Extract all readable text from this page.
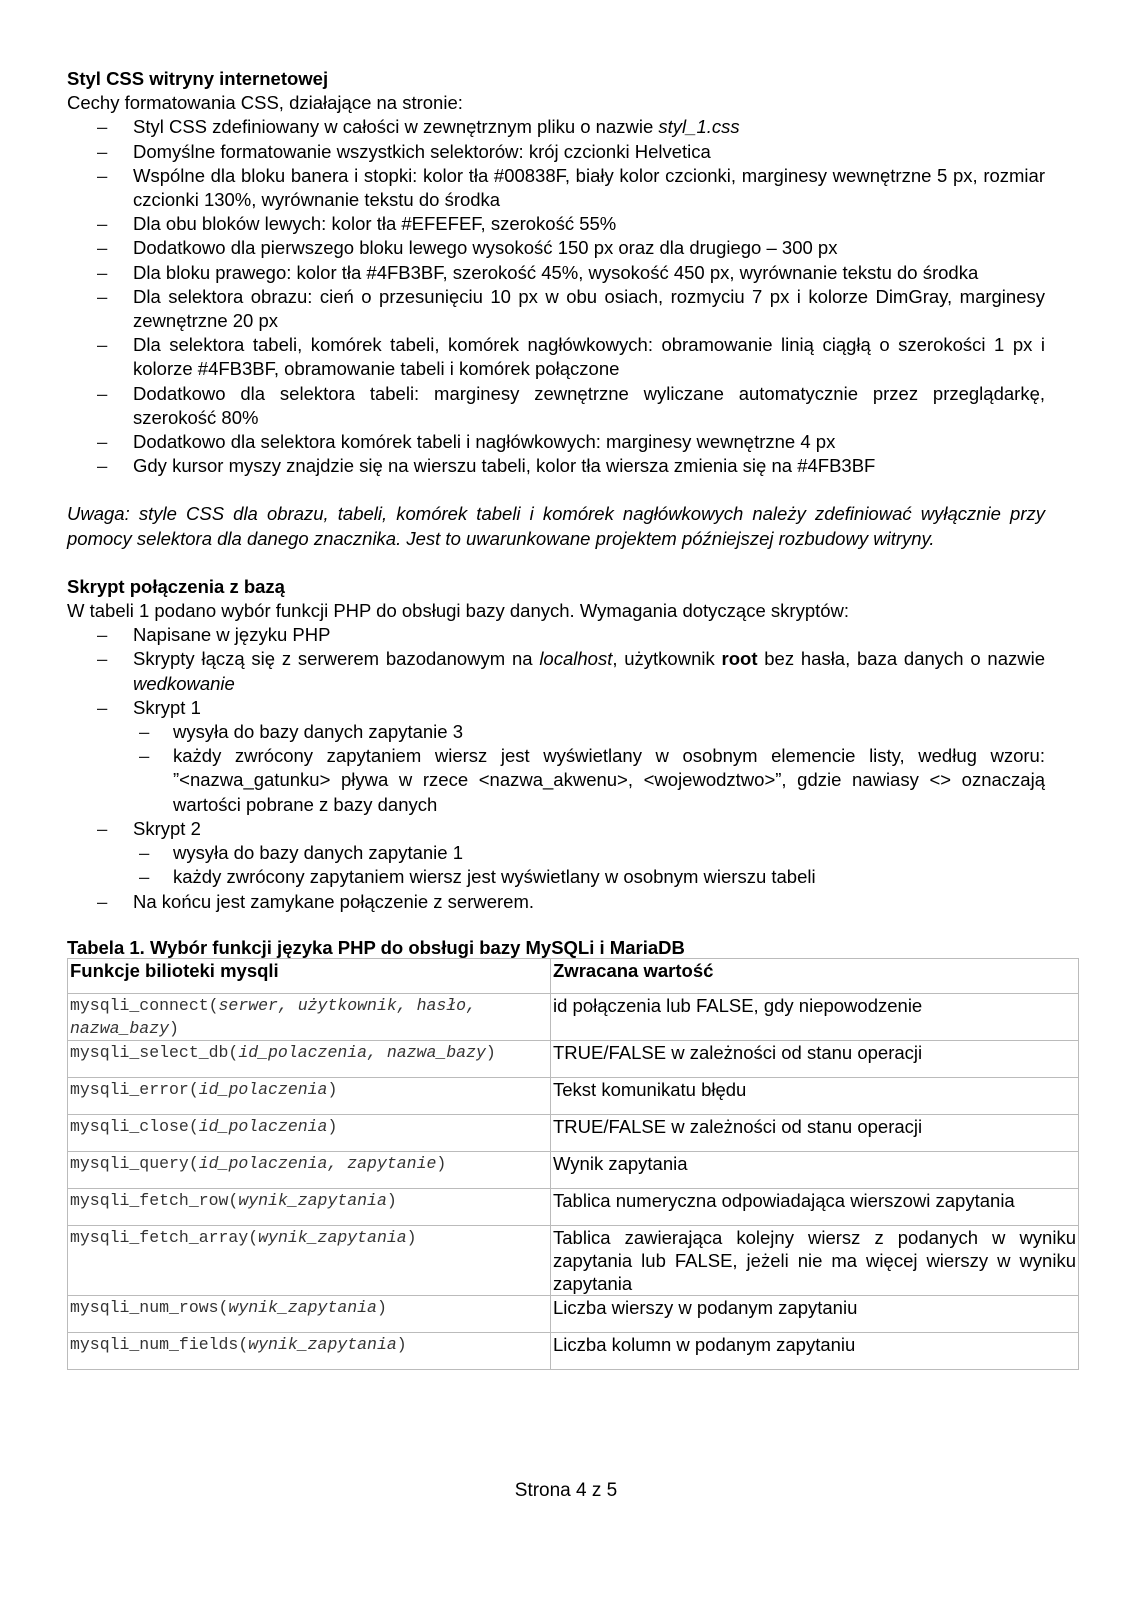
Styl CSS witryny internetowej
Cechy formatowania CSS, działające na stronie:
– Styl CSS zdefiniowany w całości w zewnętrznym pliku o nazwie styl_1.css
– Domyślne formatowanie wszystkich selektorów: krój czcionki Helvetica
– Wspólne dla bloku banera i stopki: kolor tła #00838F, biały kolor czcionki, marginesy wewnętrzne 5 px, rozmiar czcionki 130%, wyrównanie tekstu do środka
– Dla obu bloków lewych: kolor tła #EFEFEF, szerokość 55%
– Dodatkowo dla pierwszego bloku lewego wysokość 150 px oraz dla drugiego – 300 px
– Dla bloku prawego: kolor tła #4FB3BF, szerokość 45%, wysokość 450 px, wyrównanie tekstu do środka
– Dla selektora obrazu: cień o przesunięciu 10 px w obu osiach, rozmyciu 7 px i kolorze DimGray, marginesy zewnętrzne 20 px
– Dla selektora tabeli, komórek tabeli, komórek nagłówkowych: obramowanie linią ciągłą o szerokości 1 px i kolorze #4FB3BF, obramowanie tabeli i komórek połączone
– Dodatkowo dla selektora tabeli: marginesy zewnętrzne wyliczane automatycznie przez przeglądarkę, szerokość 80%
– Dodatkowo dla selektora komórek tabeli i nagłówkowych: marginesy wewnętrzne 4 px
– Gdy kursor myszy znajdzie się na wierszu tabeli, kolor tła wiersza zmienia się na #4FB3BF
Uwaga: style CSS dla obrazu, tabeli, komórek tabeli i komórek nagłówkowych należy zdefiniować wyłącznie przy pomocy selektora dla danego znacznika. Jest to uwarunkowane projektem późniejszej rozbudowy witryny.
Skrypt połączenia z bazą
W tabeli 1 podano wybór funkcji PHP do obsługi bazy danych. Wymagania dotyczące skryptów:
– Napisane w języku PHP
– Skrypty łączą się z serwerem bazodanowym na localhost, użytkownik root bez hasła, baza danych o nazwie wedkowanie
– Skrypt 1
– wysyła do bazy danych zapytanie 3
– każdy zwrócony zapytaniem wiersz jest wyświetlany w osobnym elemencie listy, według wzoru: ”<nazwa_gatunku> pływa w rzece <nazwa_akwenu>, <wojewodztwo>”, gdzie nawiasy <> oznaczają wartości pobrane z bazy danych
– Skrypt 2
– wysyła do bazy danych zapytanie 1
– każdy zwrócony zapytaniem wiersz jest wyświetlany w osobnym wierszu tabeli
– Na końcu jest zamykane połączenie z serwerem.
Tabela 1. Wybór funkcji języka PHP do obsługi bazy MySQLi i MariaDB
Funkcje bilioteki mysqli	Zwracana wartość
mysqli_connect(serwer, użytkownik, hasło, nazwa_bazy)	id połączenia lub FALSE, gdy niepowodzenie
mysqli_select_db(id_polaczenia, nazwa_bazy)	TRUE/FALSE w zależności od stanu operacji
mysqli_error(id_polaczenia)	Tekst komunikatu błędu
mysqli_close(id_polaczenia)	TRUE/FALSE w zależności od stanu operacji
mysqli_query(id_polaczenia, zapytanie)	Wynik zapytania
mysqli_fetch_row(wynik_zapytania)	Tablica numeryczna odpowiadająca wierszowi zapytania
mysqli_fetch_array(wynik_zapytania)	Tablica zawierająca kolejny wiersz z podanych w wyniku zapytania lub FALSE, jeżeli nie ma więcej wierszy w wyniku zapytania
mysqli_num_rows(wynik_zapytania)	Liczba wierszy w podanym zapytaniu
mysqli_num_fields(wynik_zapytania)	Liczba kolumn w podanym zapytaniu
Strona 4 z 5
